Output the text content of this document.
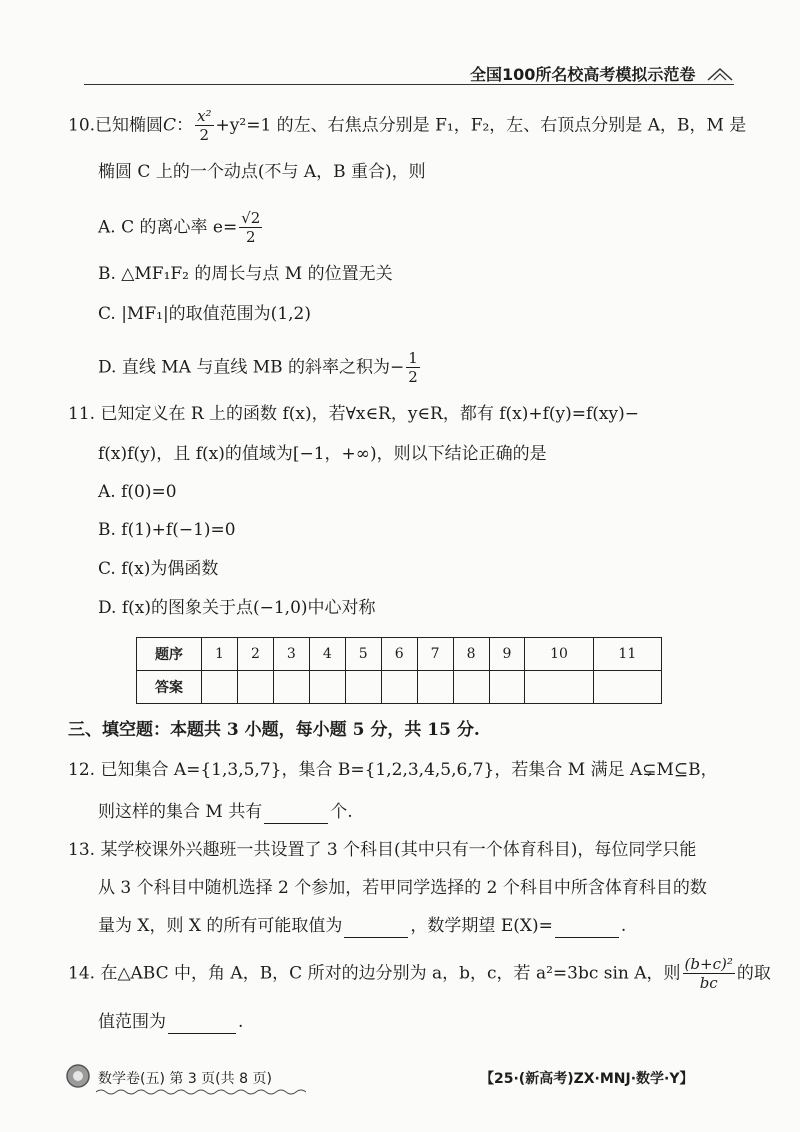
全国100所名校高考模拟示范卷
10.已知椭圆C： $\frac{\text{x²}}{2} +y^2=1$ 的左、右焦点分别是 F₁，F₂，左、右顶点分别是 A，B，M 是
椭圆 C 上的一个动点(不与 A，B 重合)，则
A. C 的离心率 $e= \frac{√2}{2}$
B. △MF₁F₂ 的周长与点 M 的位置无关
C. |MF₁|的取值范围为(1,2)
D. 直线 MA 与直线 MB 的斜率之积为− $\frac{1}{2}$
11. 已知定义在 R 上的函数 f(x)，若∀x∈R，y∈R，都有 f(x)+f(y)=f(xy)−
f(x)f(y)，且 f(x)的值域为[−1，+∞)，则以下结论正确的是
A. f(0)=0
B. f(1)+f(−1)=0
C. f(x)为偶函数
D. f(x)的图象关于点(−1,0)中心对称
题序	1	2	3	4	5	6	7	8	9	10	11
答案											
三、填空题：本题共 3 小题，每小题 5 分，共 15 分.
12. 已知集合 A={1,3,5,7}，集合 B={1,2,3,4,5,6,7}，若集合 M 满足 A⊊M⊆B，
则这样的集合 M 共有	个.
13. 某学校课外兴趣班一共设置了 3 个科目(其中只有一个体育科目)，每位同学只能
从 3 个科目中随机选择 2 个参加，若甲同学选择的 2 个科目中所含体育科目的数
量为 X，则 X 的所有可能取值为	，数学期望 E(X)=	.
14. 在△ABC 中，角 A，B，C 所对的边分别为 a，b，c，若 a²=3bc sin A，则 $\frac{\text{(b+c)²}}{bc}$ 的取
值范围为	.
数学卷(五) 第 3 页(共 8 页)	【25·(新高考)ZX·MNJ·数学·Y】
